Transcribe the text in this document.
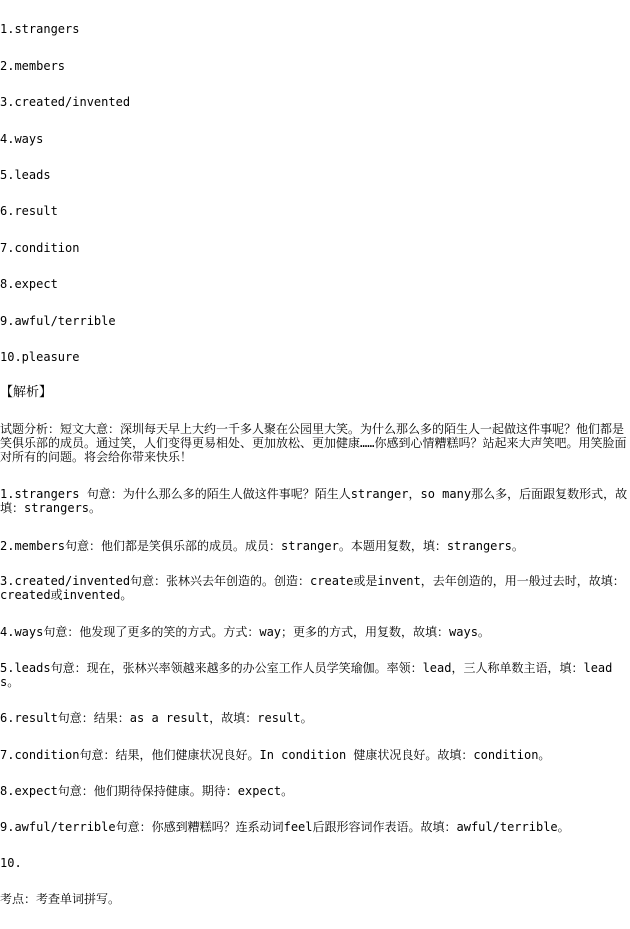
1.strangers
2.members
3.created/invented
4.ways
5.leads
6.result
7.condition
8.expect
9.awful/terrible
10.pleasure
【解析】
试题分析：短文大意：深圳每天早上大约一千多人聚在公园里大笑。为什么那么多的陌生人一起做这件事呢？他们都是笑俱乐部的成员。通过笑，人们变得更易相处、更加放松、更加健康……你感到心情糟糕吗？站起来大声笑吧。用笑脸面对所有的问题。将会给你带来快乐！
1.strangers 句意：为什么那么多的陌生人做这件事呢？陌生人stranger，so many那么多，后面跟复数形式，故填：strangers。
2.members句意：他们都是笑俱乐部的成员。成员：stranger。本题用复数，填：strangers。
3.created/invented句意：张林兴去年创造的。创造：create或是invent，去年创造的，用一般过去时，故填：created或invented。
4.ways句意：他发现了更多的笑的方式。方式：way；更多的方式，用复数，故填：ways。
5.leads句意：现在，张林兴率领越来越多的办公室工作人员学笑瑜伽。率领：lead，三人称单数主语，填：leads。
6.result句意：结果：as a result，故填：result。
7.condition句意：结果，他们健康状况良好。In condition 健康状况良好。故填：condition。
8.expect句意：他们期待保持健康。期待：expect。
9.awful/terrible句意：你感到糟糕吗？连系动词feel后跟形容词作表语。故填：awful/terrible。
10.
考点：考查单词拼写。
